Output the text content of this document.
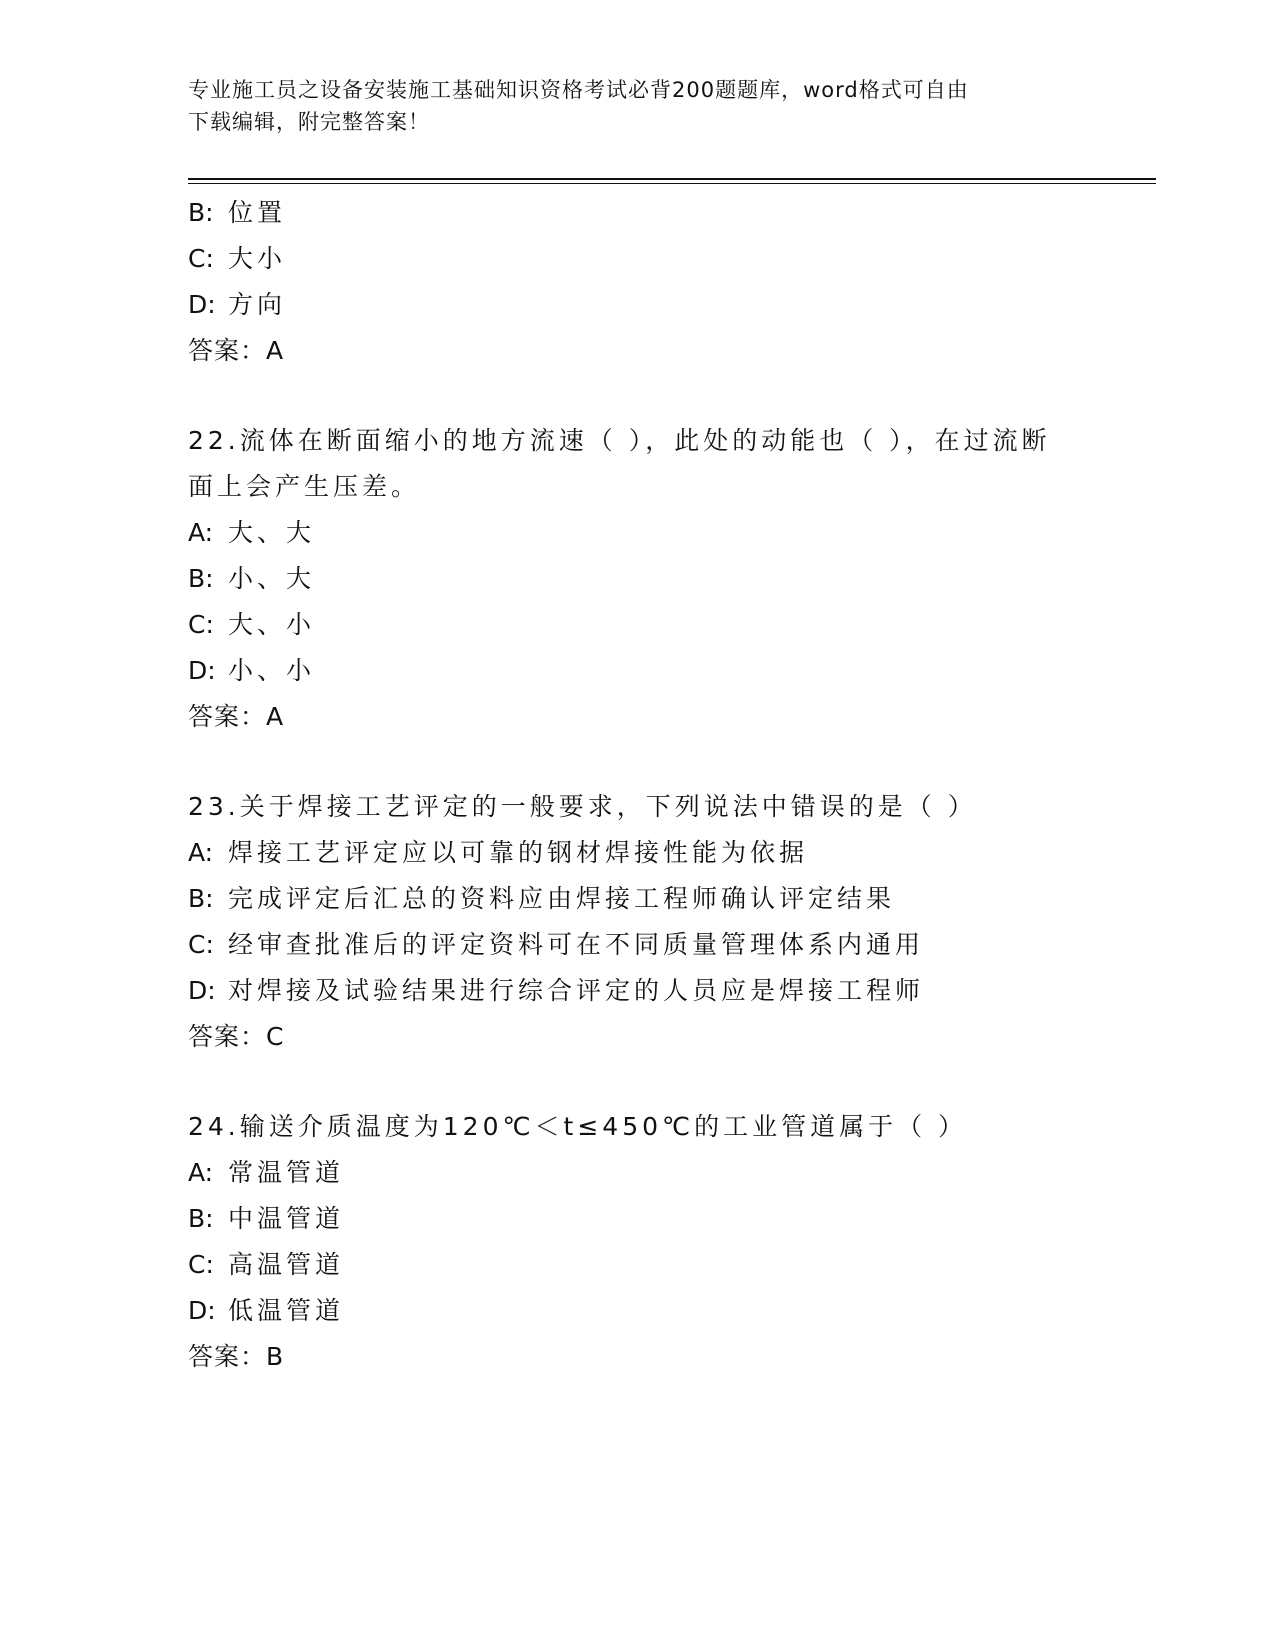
专业施工员之设备安装施工基础知识资格考试必背200题题库，word格式可自由
下载编辑，附完整答案！
B: 位置
C: 大小
D: 方向
答案：A
22.流体在断面缩小的地方流速（ ），此处的动能也（ ），在过流断
面上会产生压差。
A: 大、大
B: 小、大
C: 大、小
D: 小、小
答案：A
23.关于焊接工艺评定的一般要求，下列说法中错误的是（ ）
A: 焊接工艺评定应以可靠的钢材焊接性能为依据
B: 完成评定后汇总的资料应由焊接工程师确认评定结果
C: 经审查批准后的评定资料可在不同质量管理体系内通用
D: 对焊接及试验结果进行综合评定的人员应是焊接工程师
答案：C
24.输送介质温度为120℃＜t≤450℃的工业管道属于（ ）
A: 常温管道
B: 中温管道
C: 高温管道
D: 低温管道
答案：B
